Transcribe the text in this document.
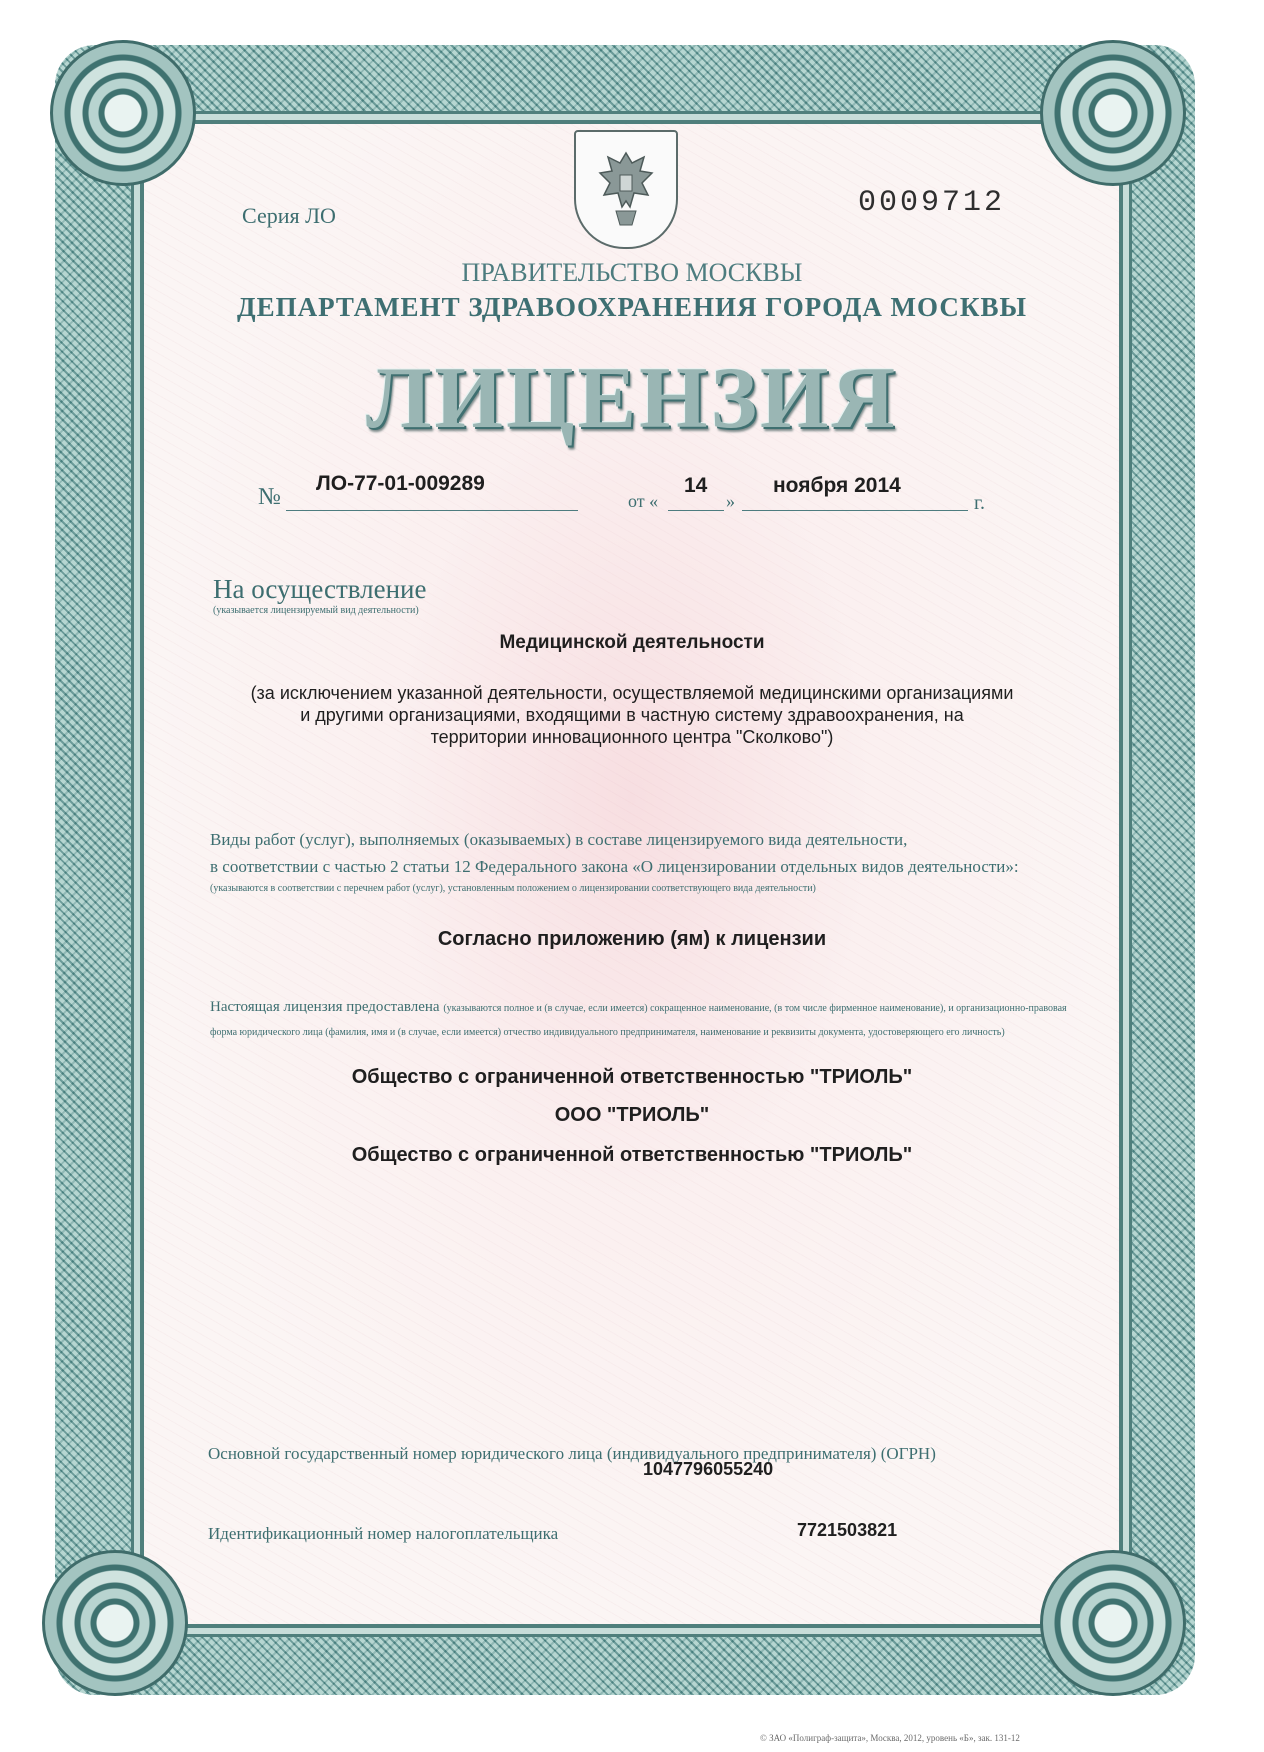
Серия ЛО	0009712
ПРАВИТЕЛЬСТВО МОСКВЫ
ДЕПАРТАМЕНТ ЗДРАВООХРАНЕНИЯ ГОРОДА МОСКВЫ
ЛИЦЕНЗИЯ
№
ЛО-77-01-009289
от «
14
»
ноября 2014
г.
На осуществление
(указывается лицензируемый вид деятельности)
Медицинской деятельности
(за исключением указанной деятельности, осуществляемой медицинскими организациями
и другими организациями, входящими в частную систему здравоохранения, на
территории инновационного центра "Сколково")
Виды работ (услуг), выполняемых (оказываемых) в составе лицензируемого вида деятельности,
в соответствии с частью 2 статьи 12 Федерального закона «О лицензировании отдельных видов деятельности»:
(указываются в соответствии с перечнем работ (услуг), установленным положением о лицензировании соответствующего вида деятельности)
Согласно приложению (ям) к лицензии
Настоящая лицензия предоставлена (указываются полное и (в случае, если имеется) сокращенное наименование, (в том числе фирменное наименование), и организационно-правовая форма юридического лица (фамилия, имя и (в случае, если имеется) отчество индивидуального предпринимателя, наименование и реквизиты документа, удостоверяющего его личность)
Общество с ограниченной ответственностью "ТРИОЛЬ"
ООО "ТРИОЛЬ"
Общество с ограниченной ответственностью "ТРИОЛЬ"
Основной государственный номер юридического лица (индивидуального предпринимателя) (ОГРН)
1047796055240
Идентификационный номер налогоплательщика	7721503821
© ЗАО «Полиграф-защита», Москва, 2012, уровень «Б», зак. 131-12
